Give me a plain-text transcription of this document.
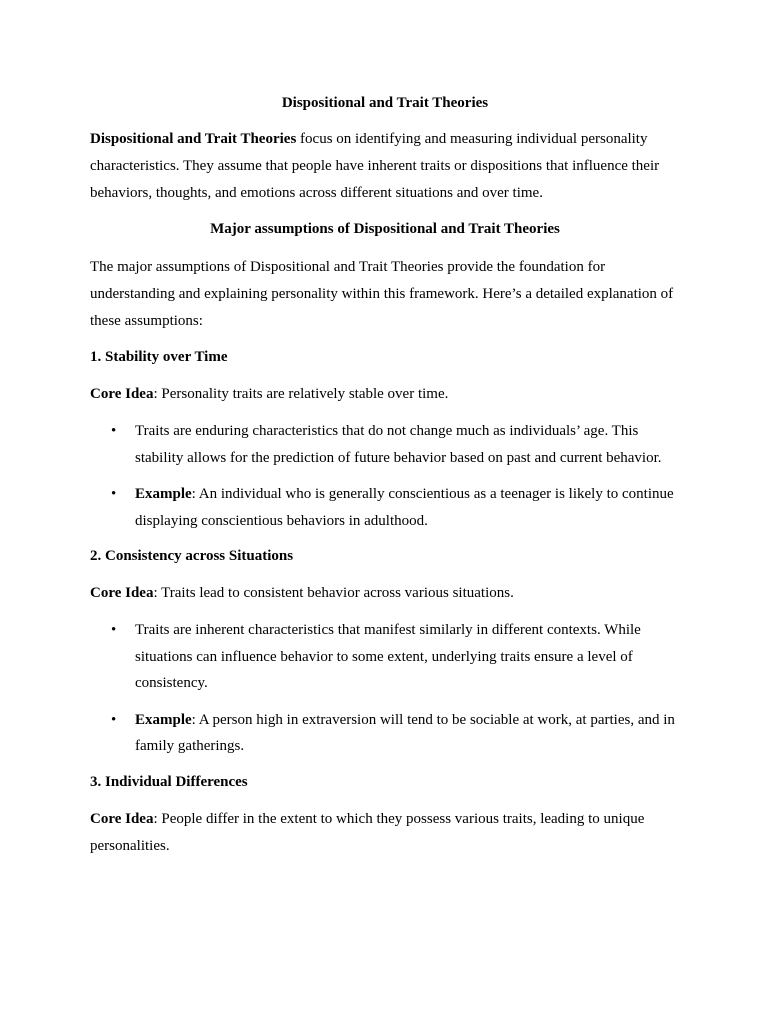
Dispositional and Trait Theories

Dispositional and Trait Theories focus on identifying and measuring individual personality characteristics. They assume that people have inherent traits or dispositions that influence their behaviors, thoughts, and emotions across different situations and over time.

Major assumptions of Dispositional and Trait Theories

The major assumptions of Dispositional and Trait Theories provide the foundation for understanding and explaining personality within this framework. Here’s a detailed explanation of these assumptions:

1. Stability over Time

Core Idea: Personality traits are relatively stable over time.

• Traits are enduring characteristics that do not change much as individuals’ age. This stability allows for the prediction of future behavior based on past and current behavior.
• Example: An individual who is generally conscientious as a teenager is likely to continue displaying conscientious behaviors in adulthood.

2. Consistency across Situations

Core Idea: Traits lead to consistent behavior across various situations.

• Traits are inherent characteristics that manifest similarly in different contexts. While situations can influence behavior to some extent, underlying traits ensure a level of consistency.
• Example: A person high in extraversion will tend to be sociable at work, at parties, and in family gatherings.

3. Individual Differences

Core Idea: People differ in the extent to which they possess various traits, leading to unique personalities.
